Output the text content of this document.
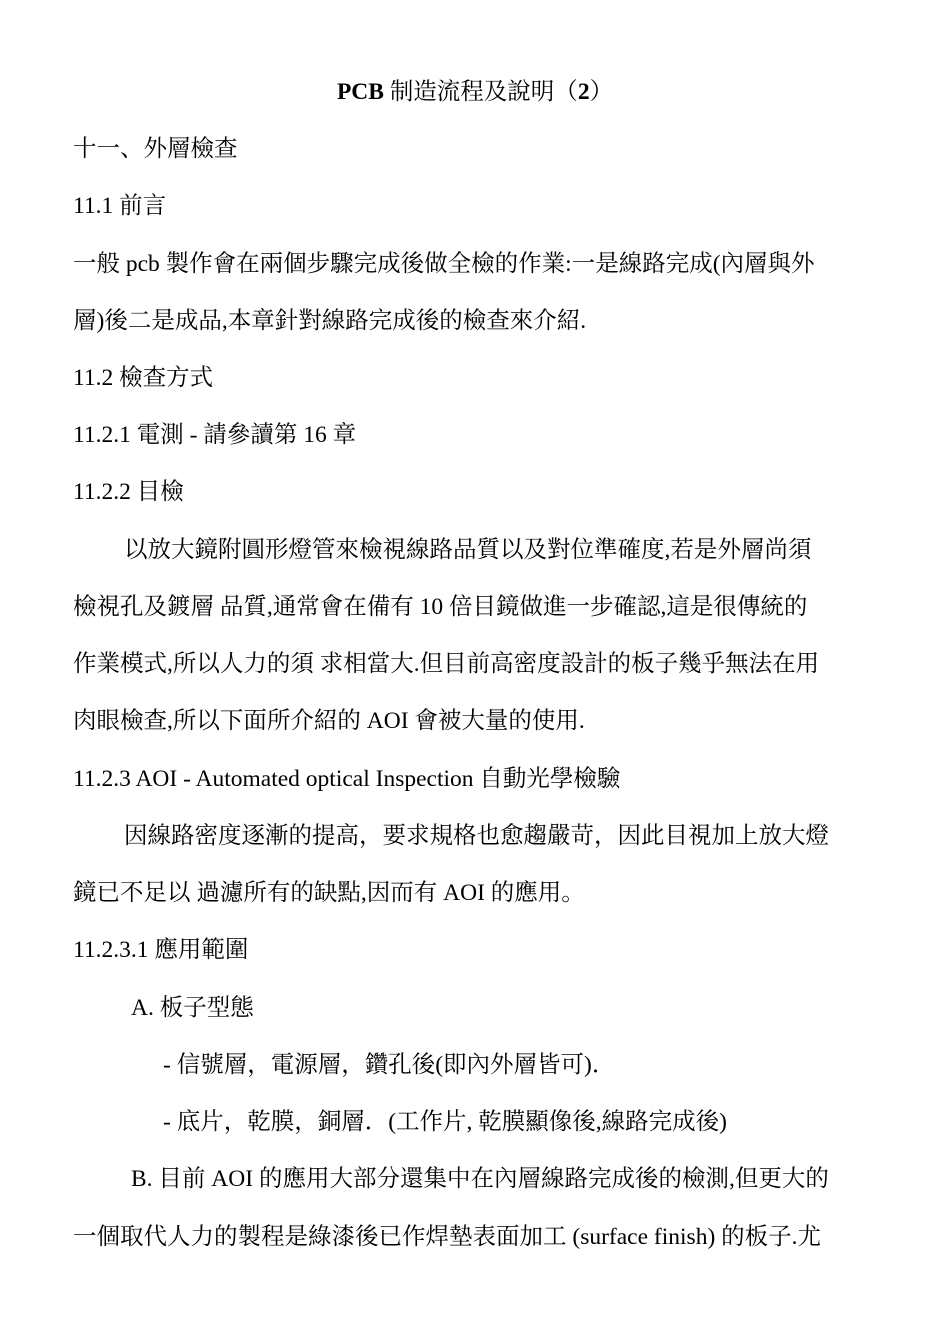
PCB 制造流程及說明（2）
十一、外層檢查
11.1 前言
一般 pcb 製作會在兩個步驟完成後做全檢的作業:一是線路完成(內層與外
層)後二是成品,本章針對線路完成後的檢查來介紹.
11.2 檢查方式
11.2.1 電測 - 請參讀第 16 章
11.2.2 目檢
以放大鏡附圓形燈管來檢視線路品質以及對位準確度,若是外層尚須
檢視孔及鍍層 品質,通常會在備有 10 倍目鏡做進一步確認,這是很傳統的
作業模式,所以人力的須 求相當大.但目前高密度設計的板子幾乎無法在用
肉眼檢查,所以下面所介紹的 AOI 會被大量的使用.
11.2.3 AOI - Automated optical Inspection 自動光學檢驗
因線路密度逐漸的提高，要求規格也愈趨嚴苛，因此目視加上放大燈
鏡已不足以 過濾所有的缺點,因而有 AOI 的應用。
11.2.3.1 應用範圍
A. 板子型態
- 信號層，電源層，鑽孔後(即內外層皆可)．
- 底片，乾膜，銅層．(工作片, 乾膜顯像後,線路完成後)
B. 目前 AOI 的應用大部分還集中在內層線路完成後的檢測,但更大的
一個取代人力的製程是綠漆後已作焊墊表面加工 (surface finish) 的板子.尤
